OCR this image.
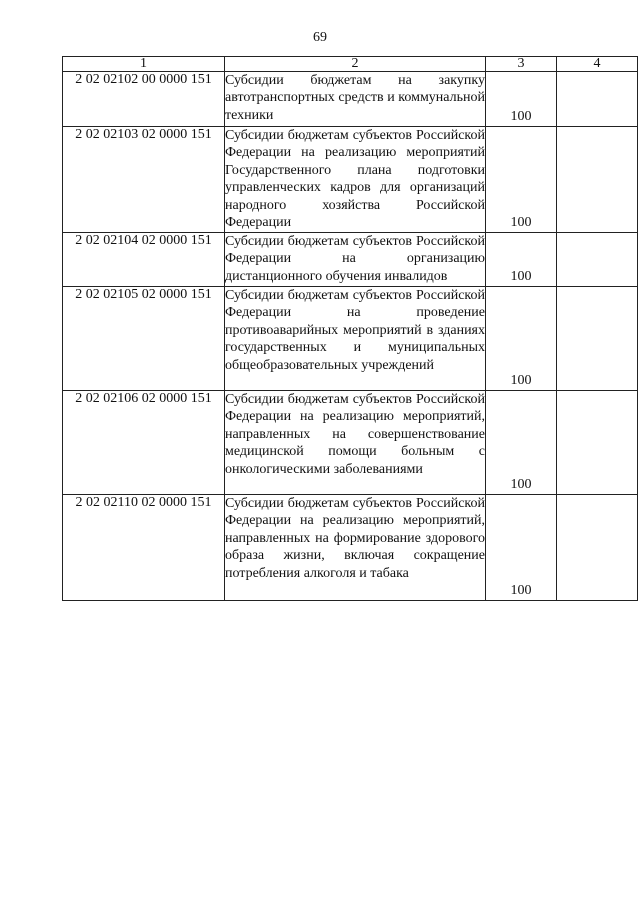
69
1	2	3	4
2 02 02102 00 0000 151	Субсидии бюджетам на закупку автотранспортных средств и коммунальной техники	100	

2 02 02103 02 0000 151	Субсидии бюджетам субъектов Российской Федерации на реализацию мероприятий Государственного плана подготовки управленческих кадров для организаций народного хозяйства Российской Федерации	100	

2 02 02104 02 0000 151	Субсидии бюджетам субъектов Российской Федерации на организацию дистанционного обучения инвалидов	100	

2 02 02105 02 0000 151	Субсидии бюджетам субъектов Российской Федерации на проведение противоаварийных мероприятий в зданиях государственных и муниципальных общеобразовательных учреждений	100	

2 02 02106 02 0000 151	Субсидии бюджетам субъектов Российской Федерации на реализацию мероприятий, направленных на совершенствование медицинской помощи больным с онкологическими заболеваниями	100	

2 02 02110 02 0000 151	Субсидии бюджетам субъектов Российской Федерации на реализацию мероприятий, направленных на формирование здорового образа жизни, включая сокращение потребления алкоголя и табака	100	
